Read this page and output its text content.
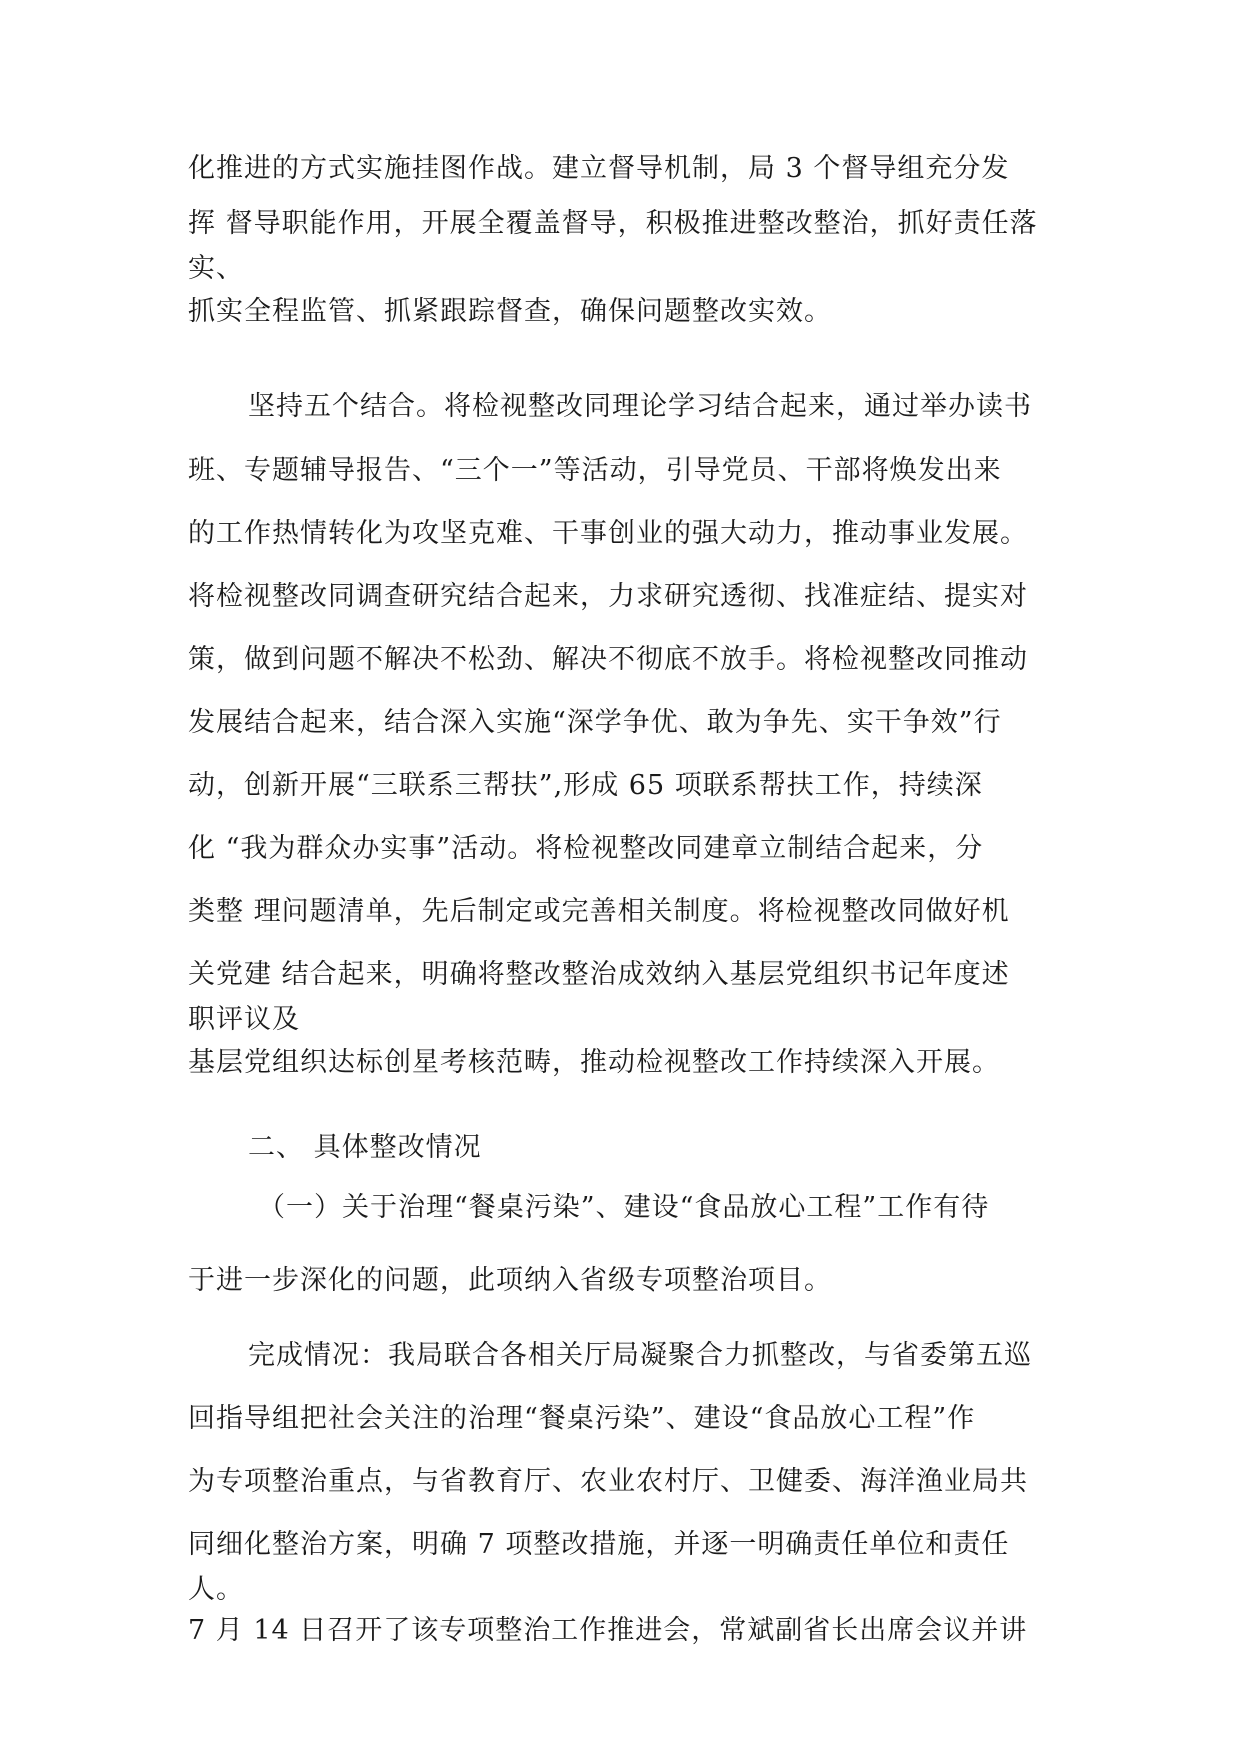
化推进的方式实施挂图作战。建立督导机制，局 3 个督导组充分发
挥 督导职能作用，开展全覆盖督导，积极推进整改整治，抓好责任落
实、
抓实全程监管、抓紧跟踪督查，确保问题整改实效。
坚持五个结合。将检视整改同理论学习结合起来，通过举办读书
班、专题辅导报告、“三个一”等活动，引导党员、干部将焕发出来
的工作热情转化为攻坚克难、干事创业的强大动力，推动事业发展。
将检视整改同调查研究结合起来，力求研究透彻、找准症结、提实对
策，做到问题不解决不松劲、解决不彻底不放手。将检视整改同推动
发展结合起来，结合深入实施“深学争优、敢为争先、实干争效”行
动，创新开展“三联系三帮扶”,形成 65 项联系帮扶工作，持续深
化 “我为群众办实事”活动。将检视整改同建章立制结合起来，分
类整 理问题清单，先后制定或完善相关制度。将检视整改同做好机
关党建 结合起来，明确将整改整治成效纳入基层党组织书记年度述
职评议及
基层党组织达标创星考核范畴，推动检视整改工作持续深入开展。
二、 具体整改情况
（一）关于治理“餐桌污染”、建设“食品放心工程”工作有待
于进一步深化的问题，此项纳入省级专项整治项目。
完成情况：我局联合各相关厅局凝聚合力抓整改，与省委第五巡
回指导组把社会关注的治理“餐桌污染”、建设“食品放心工程”作
为专项整治重点，与省教育厅、农业农村厅、卫健委、海洋渔业局共
同细化整治方案，明确 7 项整改措施，并逐一明确责任单位和责任
人。
7 月 14 日召开了该专项整治工作推进会，常斌副省长出席会议并讲
